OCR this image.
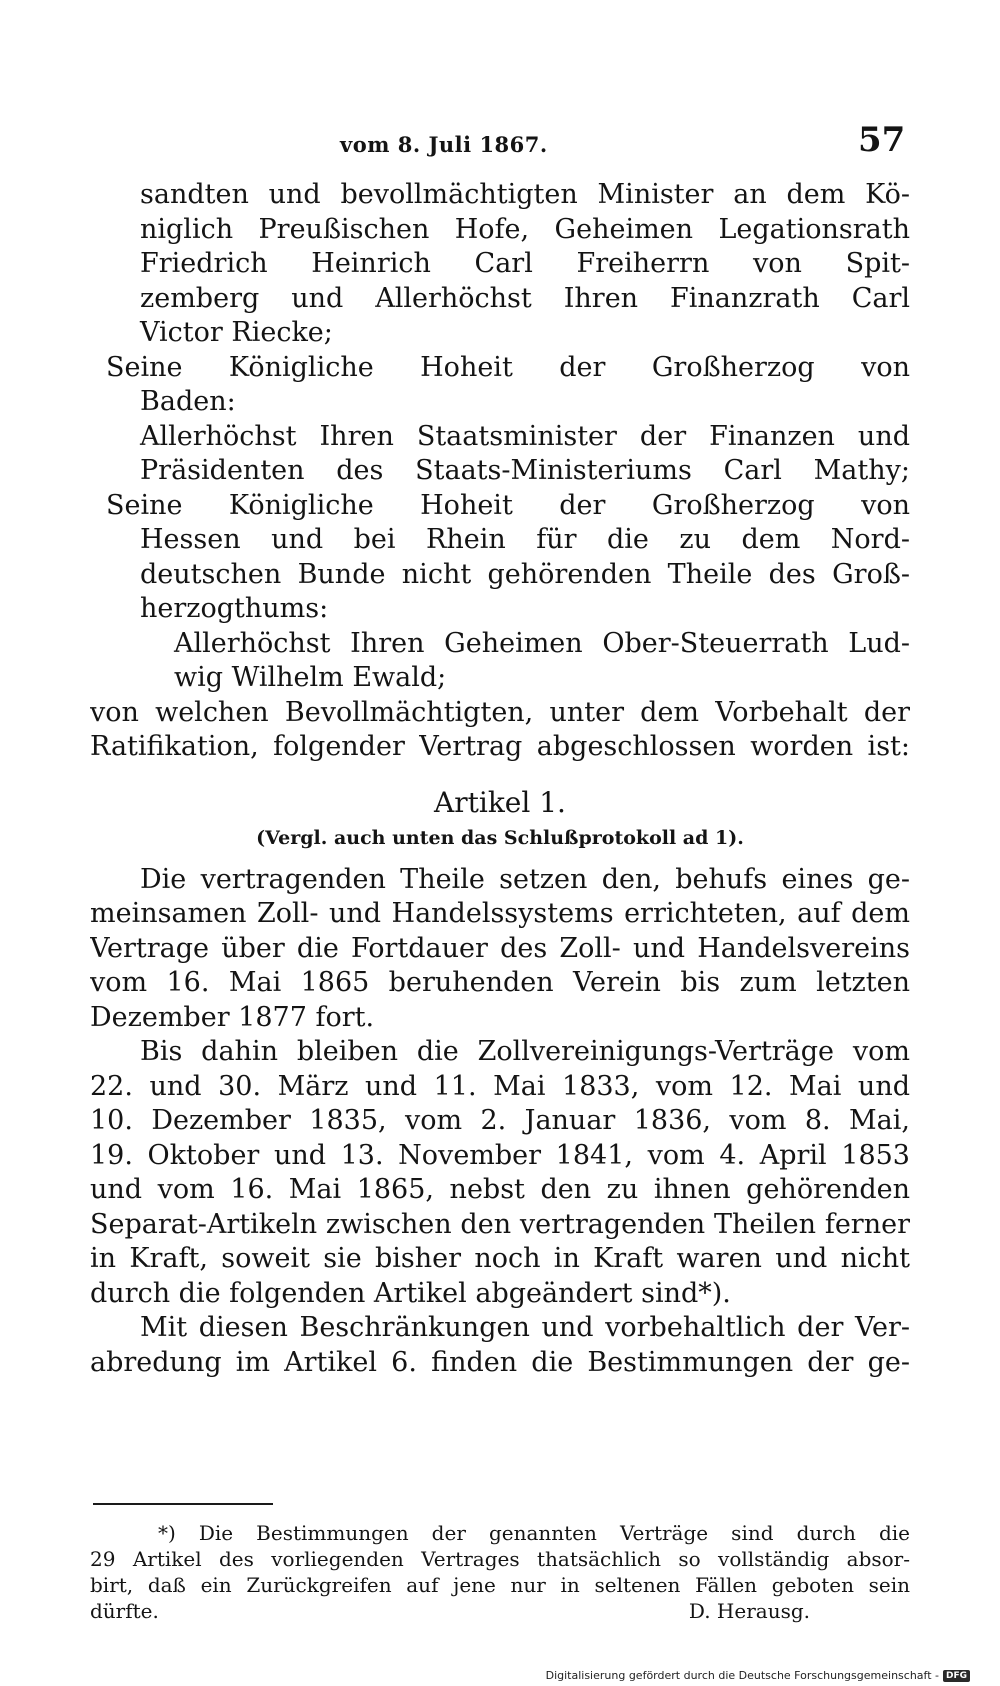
vom 8. Juli 1867.	57
sandten und bevollmächtigten Minister an dem Kö-
niglich Preußischen Hofe, Geheimen Legationsrath
Friedrich Heinrich Carl Freiherrn von Spit-
zemberg und Allerhöchst Ihren Finanzrath Carl
Victor Riecke;
Seine Königliche Hoheit der Großherzog von
Baden:
Allerhöchst Ihren Staatsminister der Finanzen und
Präsidenten des Staats-Ministeriums Carl Mathy;
Seine Königliche Hoheit der Großherzog von
Hessen und bei Rhein für die zu dem Nord-
deutschen Bunde nicht gehörenden Theile des Groß-
herzogthums:
Allerhöchst Ihren Geheimen Ober-Steuerrath Lud-
wig Wilhelm Ewald;
von welchen Bevollmächtigten, unter dem Vorbehalt der
Ratifikation, folgender Vertrag abgeschlossen worden ist:
Artikel 1.
(Vergl. auch unten das Schlußprotokoll ad 1).
Die vertragenden Theile setzen den, behufs eines ge-
meinsamen Zoll- und Handelssystems errichteten, auf dem
Vertrage über die Fortdauer des Zoll- und Handelsvereins
vom 16. Mai 1865 beruhenden Verein bis zum letzten
Dezember 1877 fort.
Bis dahin bleiben die Zollvereinigungs-Verträge vom
22. und 30. März und 11. Mai 1833, vom 12. Mai und
10. Dezember 1835, vom 2. Januar 1836, vom 8. Mai,
19. Oktober und 13. November 1841, vom 4. April 1853
und vom 16. Mai 1865, nebst den zu ihnen gehörenden
Separat-Artikeln zwischen den vertragenden Theilen ferner
in Kraft, soweit sie bisher noch in Kraft waren und nicht
durch die folgenden Artikel abgeändert sind*).
Mit diesen Beschränkungen und vorbehaltlich der Ver-
abredung im Artikel 6. finden die Bestimmungen der ge-
*) Die Bestimmungen der genannten Verträge sind durch die
29 Artikel des vorliegenden Vertrages thatsächlich so vollständig absor-
birt, daß ein Zurückgreifen auf jene nur in seltenen Fällen geboten sein
dürfte.	D. Herausg.
Digitalisierung gefördert durch die Deutsche Forschungsgemeinschaft - DFG
